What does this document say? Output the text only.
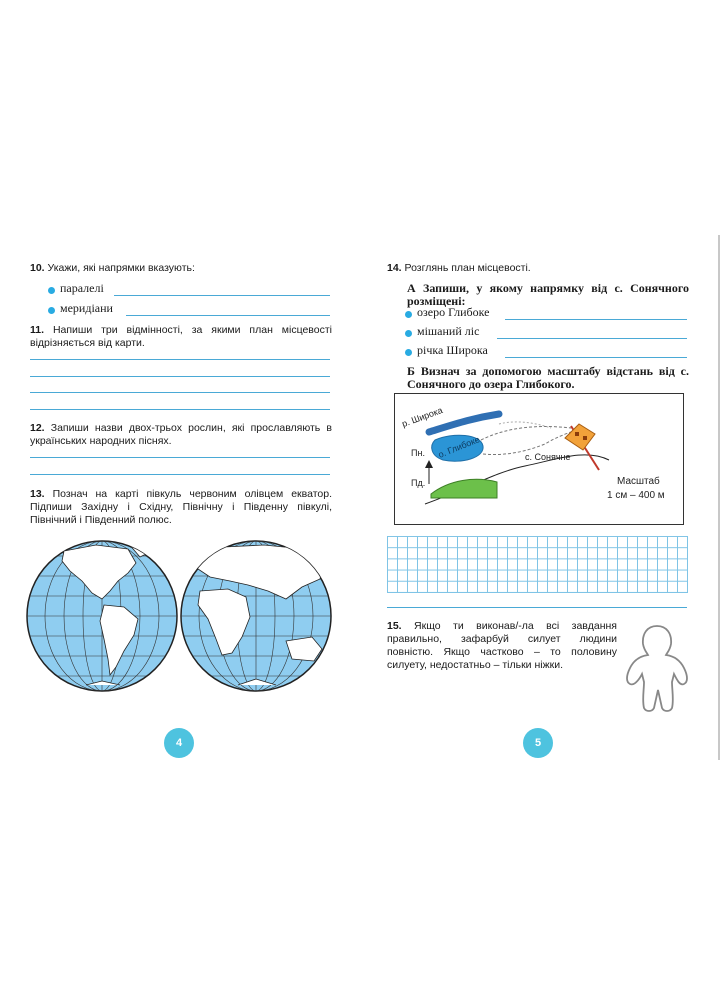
10. Укажи, які напрямки вказують:
паралелі
меридіани
11. Напиши три відмінності, за якими план місцевості відрізняється від карти.
12. Запиши назви двох-трьох рослин, які прославляють в українських народних піснях.
13. Познач на карті півкуль червоним олівцем екватор. Підпиши Західну і Східну, Північну і Південну півкулі, Північний і Південний полюс.
4
14. Розглянь план місцевості.
А Запиши, у якому напрямку від с. Сонячного розміщені:
озеро Глибоке
мішаний ліс
річка Широка
Б Визнач за допомогою масштабу відстань від с. Сонячного до озера Глибокого.
р. Широка
о. Глибоке	с. Сонячне
Пн.
Пд.	Масштаб
1 см – 400 м
15. Якщо ти виконав/-ла всі завдання правильно, зафарбуй силует людини повністю. Якщо частково – то половину силуету, недостатньо – тільки ніжки.
5
